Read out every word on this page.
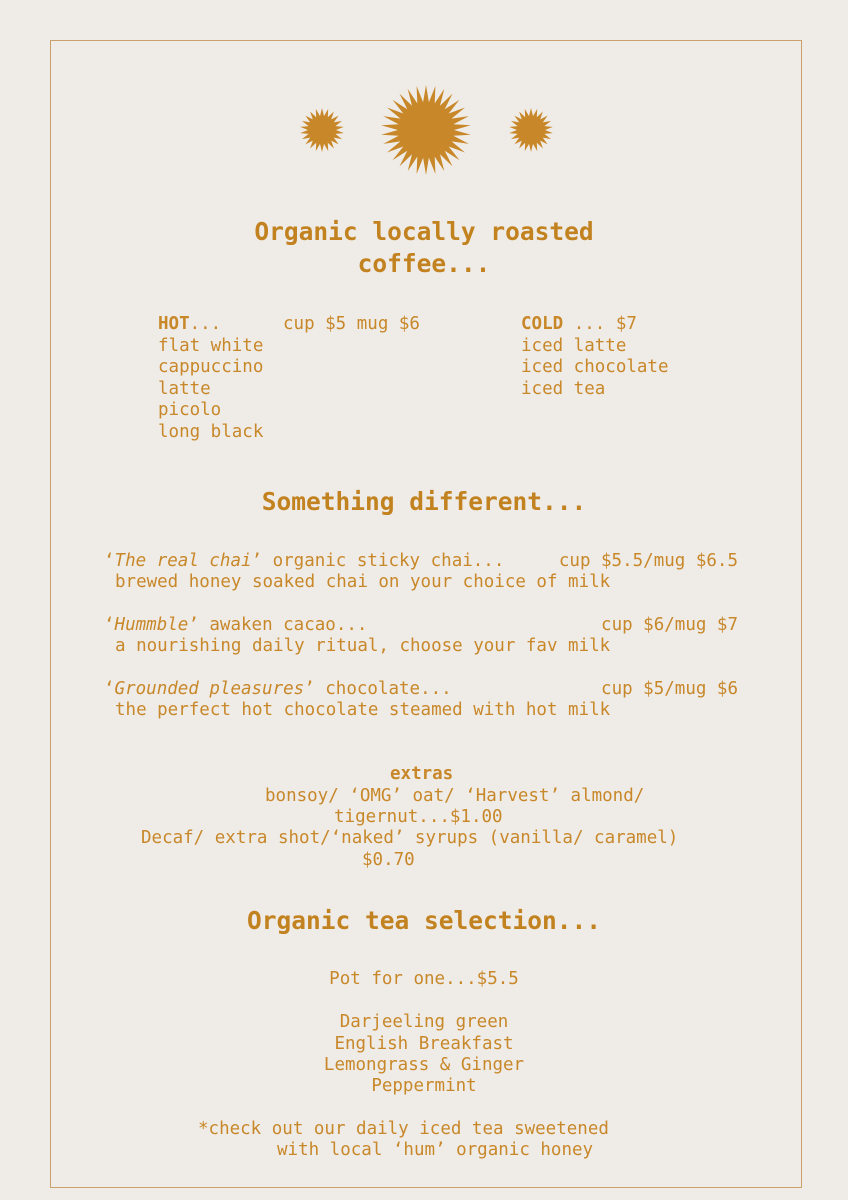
Organic locally roasted
coffee...
HOT...	cup $5 mug $6
flat white
cappuccino
latte
picolo
long black
COLD ... $7
iced latte
iced chocolate
iced tea
Something different...
‘The real chai’ organic sticky chai...	cup $5.5/mug $6.5
brewed honey soaked chai on your choice of milk
‘Hummble’ awaken cacao...	cup $6/mug $7
a nourishing daily ritual, choose your fav milk
‘Grounded pleasures’ chocolate...	cup $5/mug $6
the perfect hot chocolate steamed with hot milk
extras
bonsoy/ ‘OMG’ oat/ ‘Harvest’ almond/
tigernut...$1.00
Decaf/ extra shot/‘naked’ syrups (vanilla/ caramel)
$0.70
Organic tea selection...
Pot for one...$5.5
Darjeeling green
English Breakfast
Lemongrass & Ginger
Peppermint
*check out our daily iced tea sweetened
with local ‘hum’ organic honey
